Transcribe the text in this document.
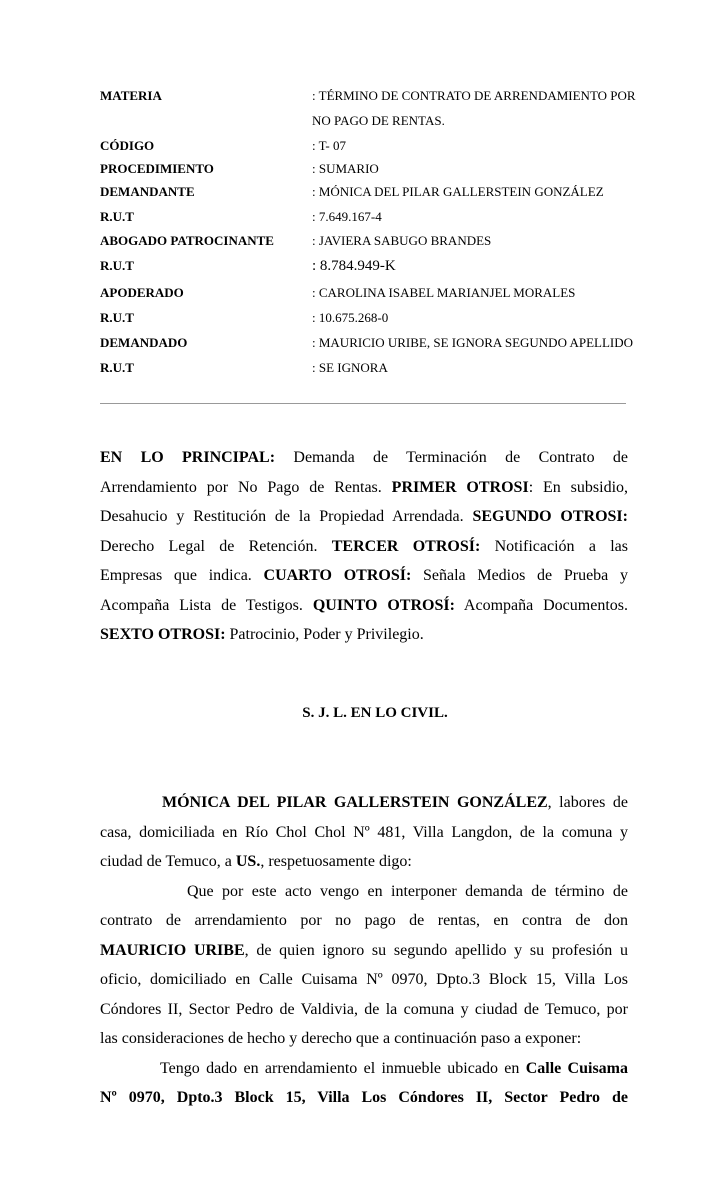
MATERIA	: TÉRMINO DE CONTRATO DE ARRENDAMIENTO POR
NO PAGO DE RENTAS.
CÓDIGO	: T- 07
PROCEDIMIENTO	: SUMARIO
DEMANDANTE	: MÓNICA DEL PILAR GALLERSTEIN GONZÁLEZ
R.U.T	: 7.649.167-4
ABOGADO PATROCINANTE	: JAVIERA SABUGO BRANDES
R.U.T	: 8.784.949-K
APODERADO	: CAROLINA ISABEL MARIANJEL MORALES
R.U.T	: 10.675.268-0
DEMANDADO	: MAURICIO URIBE, SE IGNORA SEGUNDO APELLIDO
R.U.T	: SE IGNORA
EN LO PRINCIPAL: Demanda de Terminación de Contrato de
Arrendamiento por No Pago de Rentas. PRIMER OTROSI: En subsidio,
Desahucio y Restitución de la Propiedad Arrendada. SEGUNDO OTROSI:
Derecho Legal de Retención. TERCER OTROSÍ: Notificación a las
Empresas que indica. CUARTO OTROSÍ: Señala Medios de Prueba y
Acompaña Lista de Testigos. QUINTO OTROSÍ: Acompaña Documentos.
SEXTO OTROSI: Patrocinio, Poder y Privilegio.
S. J. L. EN LO CIVIL.
MÓNICA DEL PILAR GALLERSTEIN GONZÁLEZ, labores de
casa, domiciliada en Río Chol Chol Nº 481, Villa Langdon, de la comuna y
ciudad de Temuco, a US., respetuosamente digo:
Que por este acto vengo en interponer demanda de término de
contrato de arrendamiento por no pago de rentas, en contra de don
MAURICIO URIBE, de quien ignoro su segundo apellido y su profesión u
oficio, domiciliado en Calle Cuisama Nº 0970, Dpto.3 Block 15, Villa Los
Cóndores II, Sector Pedro de Valdivia, de la comuna y ciudad de Temuco, por
las consideraciones de hecho y derecho que a continuación paso a exponer:
Tengo dado en arrendamiento el inmueble ubicado en Calle Cuisama
Nº 0970, Dpto.3 Block 15, Villa Los Cóndores II, Sector Pedro de
